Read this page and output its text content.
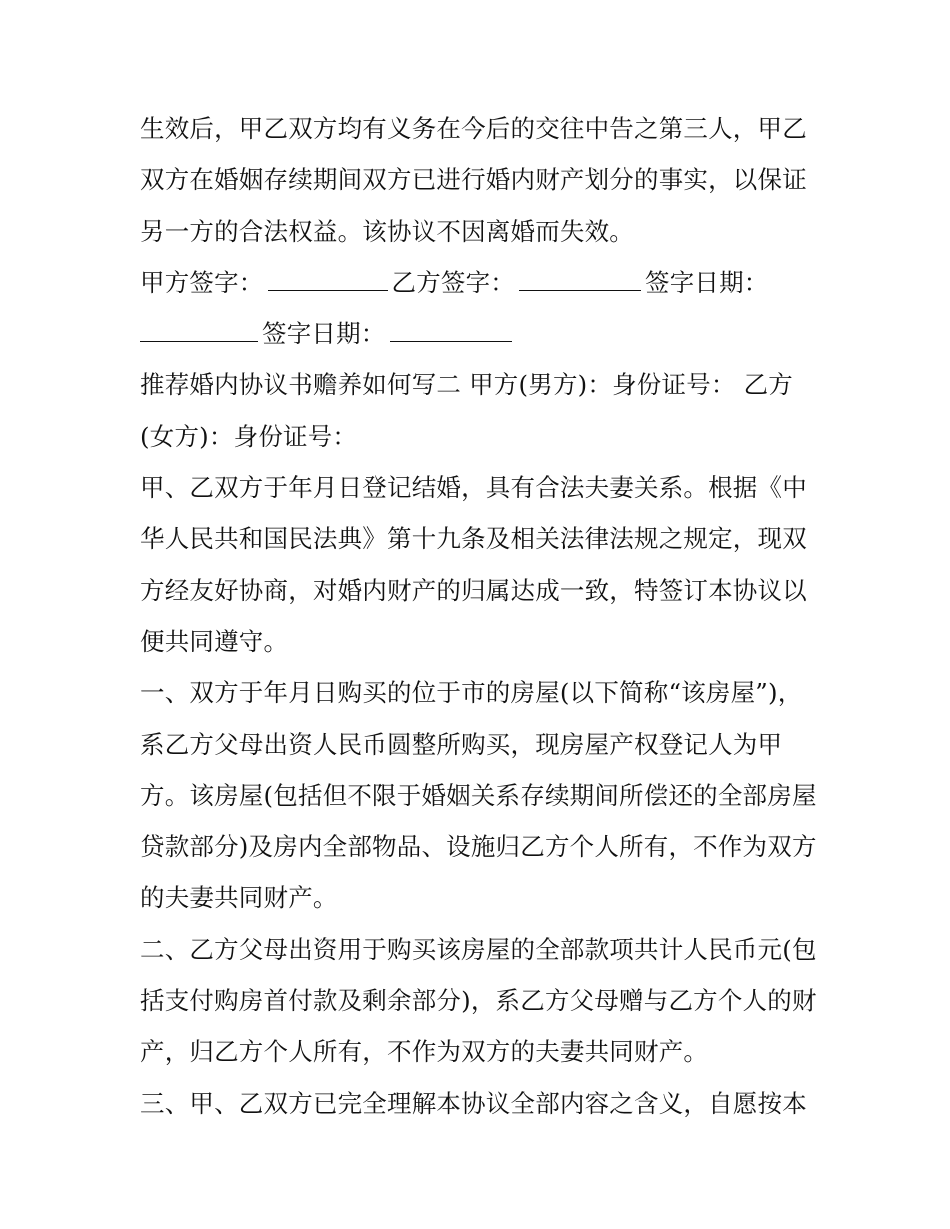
生效后，甲乙双方均有义务在今后的交往中告之第三人，甲乙双方在婚姻存续期间双方已进行婚内财产划分的事实，以保证另一方的合法权益。该协议不因离婚而失效。

甲方签字：	乙方签字：	签字日期：
签字日期：

推荐婚内协议书赡养如何写二 甲方(男方)：身份证号： 乙方(女方)：身份证号：

甲、乙双方于年月日登记结婚，具有合法夫妻关系。根据《中华人民共和国民法典》第十九条及相关法律法规之规定，现双方经友好协商，对婚内财产的归属达成一致，特签订本协议以便共同遵守。

一、双方于年月日购买的位于市的房屋(以下简称“该房屋”)，系乙方父母出资人民币圆整所购买，现房屋产权登记人为甲方。该房屋(包括但不限于婚姻关系存续期间所偿还的全部房屋贷款部分)及房内全部物品、设施归乙方个人所有，不作为双方的夫妻共同财产。

二、乙方父母出资用于购买该房屋的全部款项共计人民币元(包括支付购房首付款及剩余部分)，系乙方父母赠与乙方个人的财产，归乙方个人所有，不作为双方的夫妻共同财产。

三、甲、乙双方已完全理解本协议全部内容之含义，自愿按本
